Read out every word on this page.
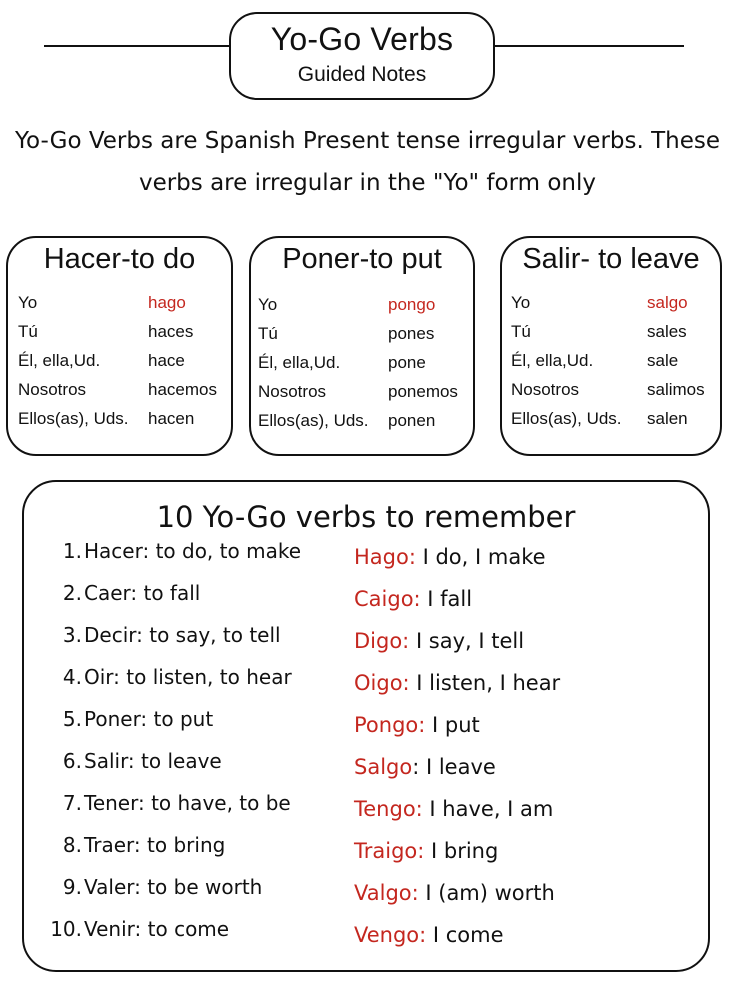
Yo-Go Verbs
Guided Notes
Yo-Go Verbs are Spanish Present tense irregular verbs. These
verbs are irregular in the "Yo" form only
Hacer-to do
Yo	hago
Tú	haces
Él, ella,Ud.	hace
Nosotros	hacemos
Ellos(as), Uds.	hacen
Poner-to put
Yo	pongo
Tú	pones
Él, ella,Ud.	pone
Nosotros	ponemos
Ellos(as), Uds.	ponen
Salir- to leave
Yo	salgo
Tú	sales
Él, ella,Ud.	sale
Nosotros	salimos
Ellos(as), Uds.	salen
10 Yo-Go verbs to remember
1. Hacer: to do, to make	Hago: I do, I make
2. Caer: to fall	Caigo: I fall
3. Decir: to say, to tell	Digo: I say, I tell
4. Oir: to listen, to hear	Oigo: I listen, I hear
5. Poner: to put	Pongo: I put
6. Salir: to leave	Salgo: I leave
7. Tener: to have, to be	Tengo: I have, I am
8. Traer: to bring	Traigo: I bring
9. Valer: to be worth	Valgo: I (am) worth
10. Venir: to come	Vengo: I come
